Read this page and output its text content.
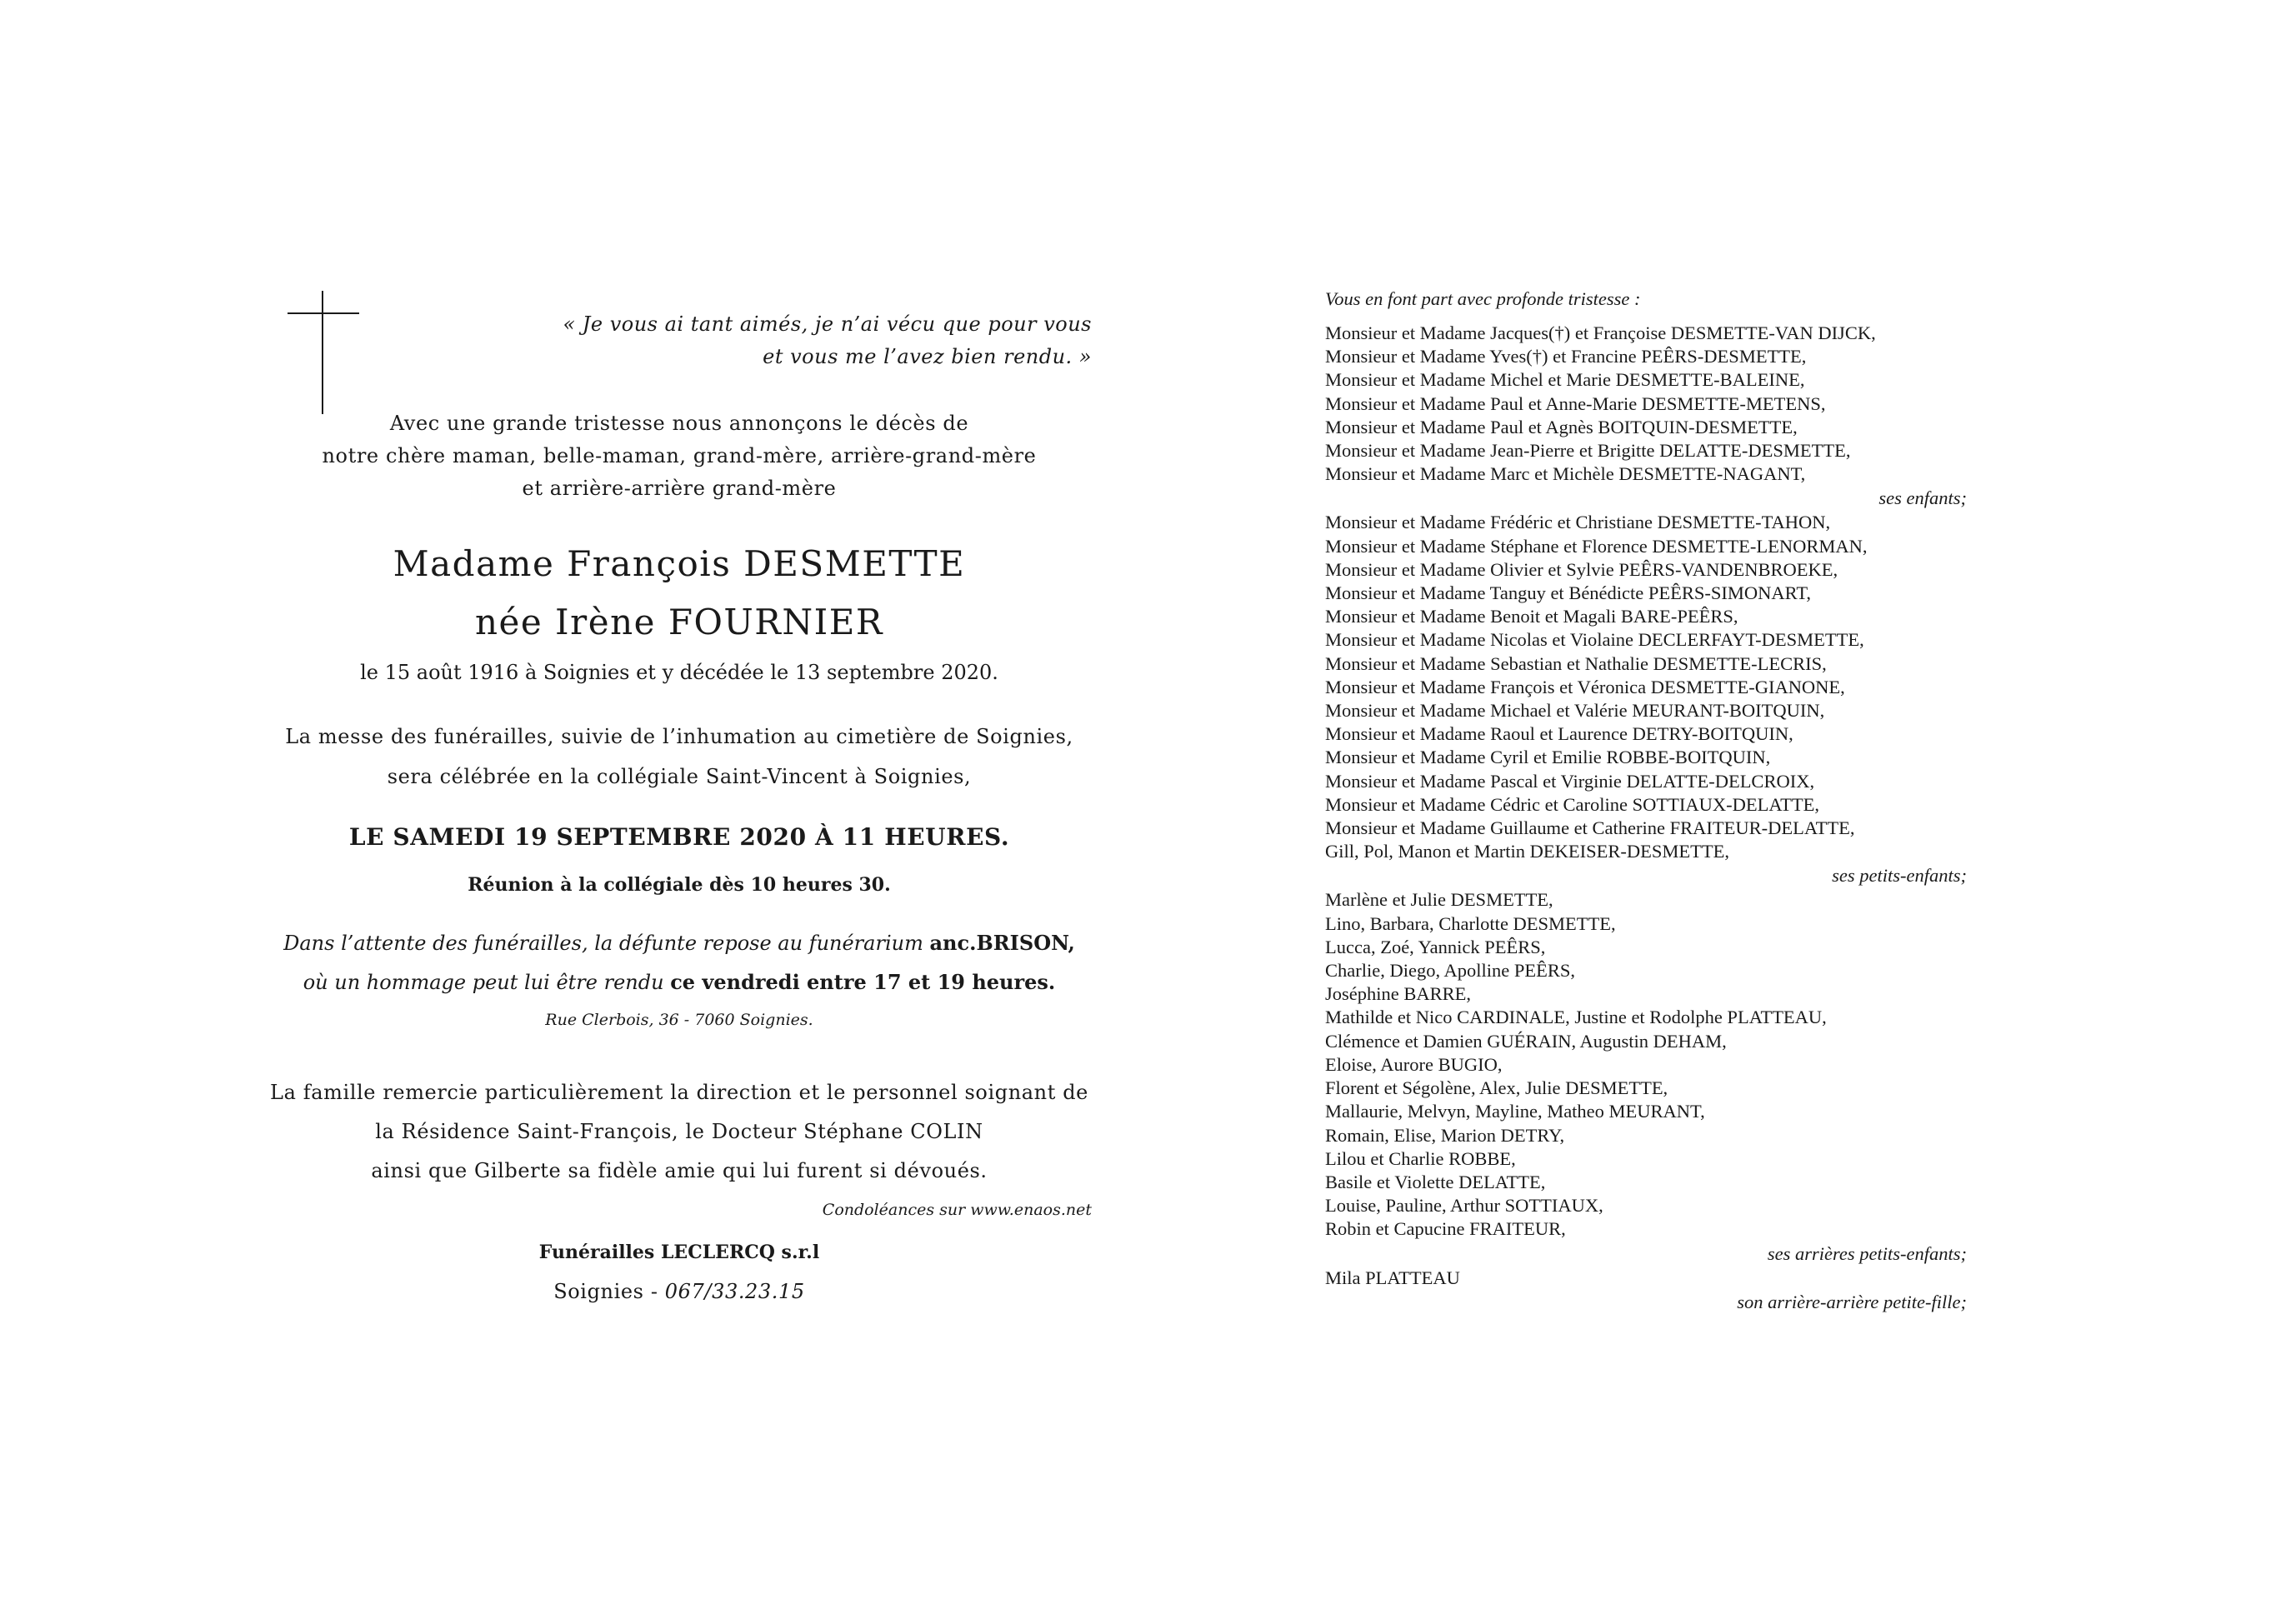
« Je vous ai tant aimés, je n’ai vécu que pour vous
et vous me l’avez bien rendu. »
Avec une grande tristesse nous annonçons le décès de
notre chère maman, belle-maman, grand-mère, arrière-grand-mère
et arrière-arrière grand-mère
Madame François DESMETTE
née Irène FOURNIER
le 15 août 1916 à Soignies et y décédée le 13 septembre 2020.
La messe des funérailles, suivie de l’inhumation au cimetière de Soignies,
sera célébrée en la collégiale Saint-Vincent à Soignies,
LE SAMEDI 19 SEPTEMBRE 2020 À 11 HEURES.
Réunion à la collégiale dès 10 heures 30.
Dans l’attente des funérailles, la défunte repose au funérarium anc.BRISON,
où un hommage peut lui être rendu ce vendredi entre 17 et 19 heures.
Rue Clerbois, 36 - 7060 Soignies.
La famille remercie particulièrement la direction et le personnel soignant de
la Résidence Saint-François, le Docteur Stéphane COLIN
ainsi que Gilberte sa fidèle amie qui lui furent si dévoués.
Condoléances sur www.enaos.net
Funérailles LECLERCQ s.r.l
Soignies - 067/33.23.15
Vous en font part avec profonde tristesse :
Monsieur et Madame Jacques(†) et Françoise DESMETTE-VAN DIJCK,
Monsieur et Madame Yves(†) et Francine PEÊRS-DESMETTE,
Monsieur et Madame Michel et Marie DESMETTE-BALEINE,
Monsieur et Madame Paul et Anne-Marie DESMETTE-METENS,
Monsieur et Madame Paul et Agnès BOITQUIN-DESMETTE,
Monsieur et Madame Jean-Pierre et Brigitte DELATTE-DESMETTE,
Monsieur et Madame Marc et Michèle DESMETTE-NAGANT,
ses enfants;
Monsieur et Madame Frédéric et Christiane DESMETTE-TAHON,
Monsieur et Madame Stéphane et Florence DESMETTE-LENORMAN,
Monsieur et Madame Olivier et Sylvie PEÊRS-VANDENBROEKE,
Monsieur et Madame Tanguy et Bénédicte PEÊRS-SIMONART,
Monsieur et Madame Benoit et Magali BARE-PEÊRS,
Monsieur et Madame Nicolas et Violaine DECLERFAYT-DESMETTE,
Monsieur et Madame Sebastian et Nathalie DESMETTE-LECRIS,
Monsieur et Madame François et Véronica DESMETTE-GIANONE,
Monsieur et Madame Michael et Valérie MEURANT-BOITQUIN,
Monsieur et Madame Raoul et Laurence DETRY-BOITQUIN,
Monsieur et Madame Cyril et Emilie ROBBE-BOITQUIN,
Monsieur et Madame Pascal et Virginie DELATTE-DELCROIX,
Monsieur et Madame Cédric et Caroline SOTTIAUX-DELATTE,
Monsieur et Madame Guillaume et Catherine FRAITEUR-DELATTE,
Gill, Pol, Manon et Martin DEKEISER-DESMETTE,
ses petits-enfants;
Marlène et Julie DESMETTE,
Lino, Barbara, Charlotte DESMETTE,
Lucca, Zoé, Yannick PEÊRS,
Charlie, Diego, Apolline PEÊRS,
Joséphine BARRE,
Mathilde et Nico CARDINALE, Justine et Rodolphe PLATTEAU,
Clémence et Damien GUÉRAIN, Augustin DEHAM,
Eloise, Aurore BUGIO,
Florent et Ségolène, Alex, Julie DESMETTE,
Mallaurie, Melvyn, Mayline, Matheo MEURANT,
Romain, Elise, Marion DETRY,
Lilou et Charlie ROBBE,
Basile et Violette DELATTE,
Louise, Pauline, Arthur SOTTIAUX,
Robin et Capucine FRAITEUR,
ses arrières petits-enfants;
Mila PLATTEAU
son arrière-arrière petite-fille;
